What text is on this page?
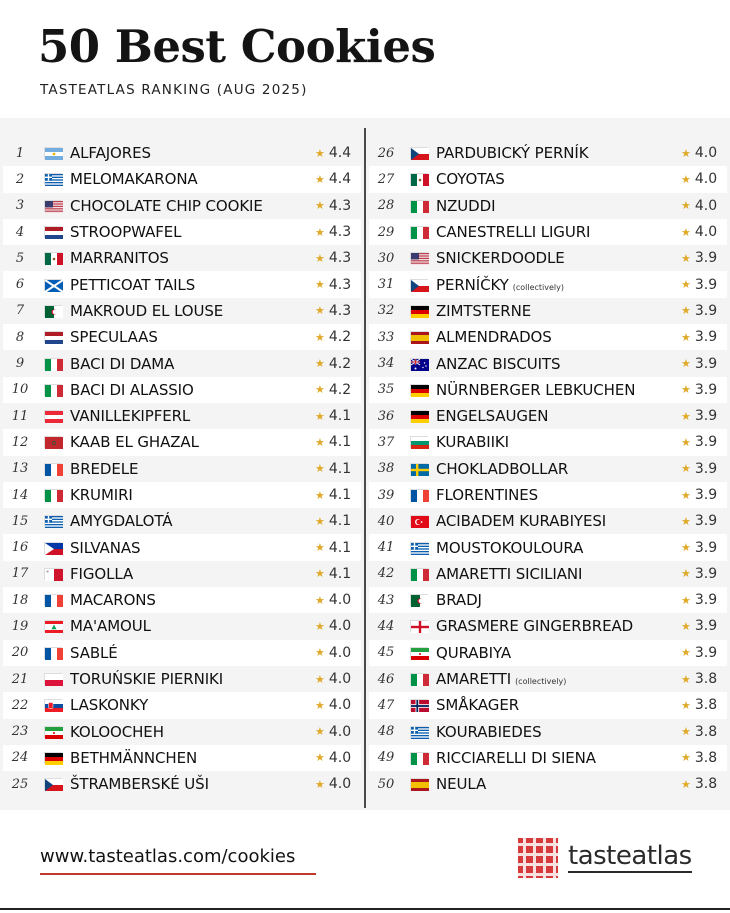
50 Best Cookies
TASTEATLAS RANKING (AUG 2025)
1	ALFAJORES	★ 4.4
2	MELOMAKARONA	★ 4.4
3	CHOCOLATE CHIP COOKIE	★ 4.3
4	STROOPWAFEL	★ 4.3
5	MARRANITOS	★ 4.3
6	PETTICOAT TAILS	★ 4.3
7	MAKROUD EL LOUSE	★ 4.3
8	SPECULAAS	★ 4.2
9	BACI DI DAMA	★ 4.2
10	BACI DI ALASSIO	★ 4.2
11	VANILLEKIPFERL	★ 4.1
12	KAAB EL GHAZAL	★ 4.1
13	BREDELE	★ 4.1
14	KRUMIRI	★ 4.1
15	AMYGDALOTÁ	★ 4.1
16	SILVANAS	★ 4.1
17	FIGOLLA	★ 4.1
18	MACARONS	★ 4.0
19	MA'AMOUL	★ 4.0
20	SABLÉ	★ 4.0
21	TORUŃSKIE PIERNIKI	★ 4.0
22	LASKONKY	★ 4.0
23	KOLOOCHEH	★ 4.0
24	BETHMÄNNCHEN	★ 4.0
25	ŠTRAMBERSKÉ UŠI	★ 4.0
26	PARDUBICKÝ PERNÍK	★ 4.0
27	COYOTAS	★ 4.0
28	NZUDDI	★ 4.0
29	CANESTRELLI LIGURI	★ 4.0
30	SNICKERDOODLE	★ 3.9
31	PERNÍČKY (collectively)	★ 3.9
32	ZIMTSTERNE	★ 3.9
33	ALMENDRADOS	★ 3.9
34	ANZAC BISCUITS	★ 3.9
35	NÜRNBERGER LEBKUCHEN	★ 3.9
36	ENGELSAUGEN	★ 3.9
37	KURABIIKI	★ 3.9
38	CHOKLADBOLLAR	★ 3.9
39	FLORENTINES	★ 3.9
40	ACIBADEM KURABIYESI	★ 3.9
41	MOUSTOKOULOURA	★ 3.9
42	AMARETTI SICILIANI	★ 3.9
43	BRADJ	★ 3.9
44	GRASMERE GINGERBREAD	★ 3.9
45	QURABIYA	★ 3.9
46	AMARETTI (collectively)	★ 3.8
47	SMÅKAGER	★ 3.8
48	KOURABIEDES	★ 3.8
49	RICCIARELLI DI SIENA	★ 3.8
50	NEULA	★ 3.8
www.tasteatlas.com/cookies	tasteatlas
